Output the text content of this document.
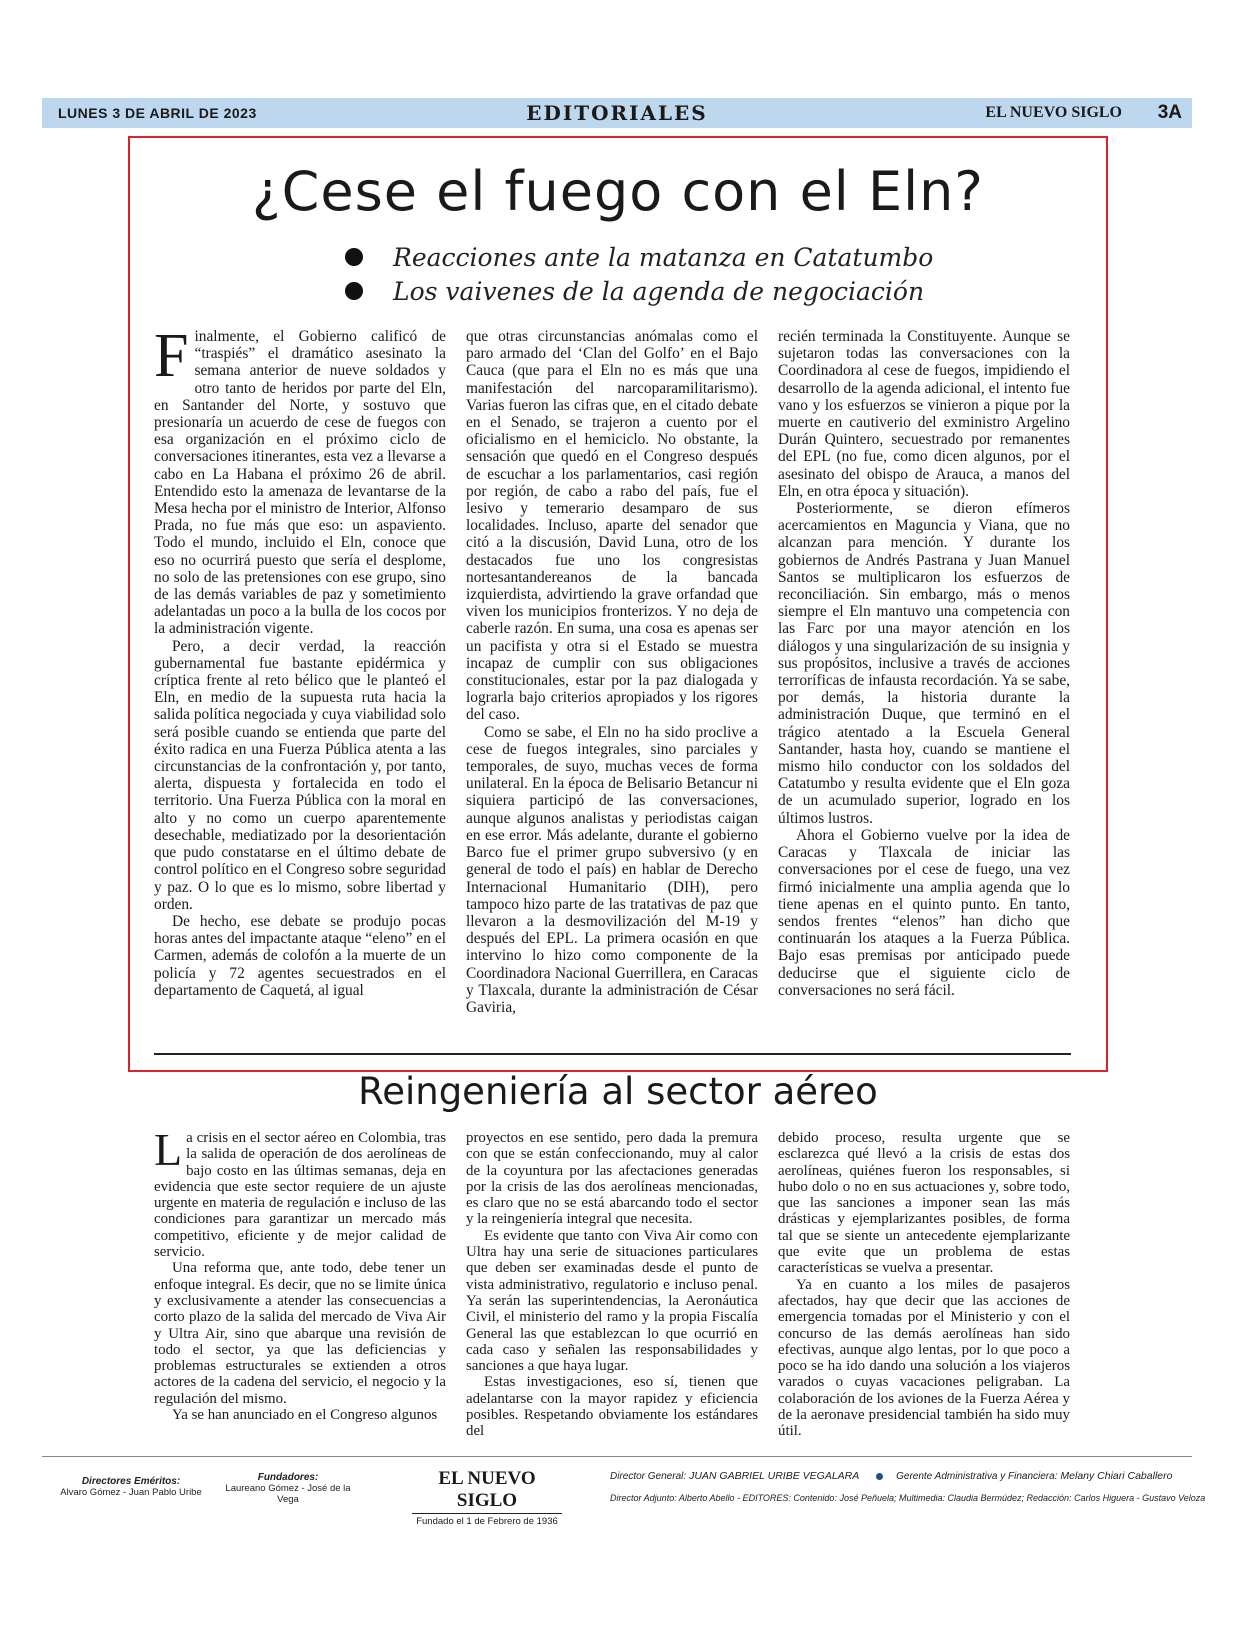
LUNES 3 DE ABRIL DE 2023	EDITORIALES	EL NUEVO SIGLO 3A
¿Cese el fuego con el Eln?
Reacciones ante la matanza en Catatumbo
Los vaivenes de la agenda de negociación

Finalmente, el Gobierno calificó de “traspiés” el dramático asesinato la semana anterior de nueve soldados y otro tanto de heridos por parte del Eln, en Santander del Norte, y sostuvo que presionaría un acuerdo de cese de fuegos con esa organización en el próximo ciclo de conversaciones itinerantes, esta vez a llevarse a cabo en La Habana el próximo 26 de abril. Entendido esto la amenaza de levantarse de la Mesa hecha por el ministro de Interior, Alfonso Prada, no fue más que eso: un aspaviento. Todo el mundo, incluido el Eln, conoce que eso no ocurrirá puesto que sería el desplome, no solo de las pretensiones con ese grupo, sino de las demás variables de paz y sometimiento adelantadas un poco a la bulla de los cocos por la administración vigente.

Pero, a decir verdad, la reacción gubernamental fue bastante epidérmica y críptica frente al reto bélico que le planteó el Eln, en medio de la supuesta ruta hacia la salida política negociada y cuya viabilidad solo será posible cuando se entienda que parte del éxito radica en una Fuerza Pública atenta a las circunstancias de la confrontación y, por tanto, alerta, dispuesta y fortalecida en todo el territorio. Una Fuerza Pública con la moral en alto y no como un cuerpo aparentemente desechable, mediatizado por la desorientación que pudo constatarse en el último debate de control político en el Congreso sobre seguridad y paz. O lo que es lo mismo, sobre libertad y orden.

De hecho, ese debate se produjo pocas horas antes del impactante ataque “eleno” en el Carmen, además de colofón a la muerte de un policía y 72 agentes secuestrados en el departamento de Caquetá, al igual

que otras circunstancias anómalas como el paro armado del ‘Clan del Golfo’ en el Bajo Cauca (que para el Eln no es más que una manifestación del narcoparamilitarismo). Varias fueron las cifras que, en el citado debate en el Senado, se trajeron a cuento por el oficialismo en el hemiciclo. No obstante, la sensación que quedó en el Congreso después de escuchar a los parlamentarios, casi región por región, de cabo a rabo del país, fue el lesivo y temerario desamparo de sus localidades. Incluso, aparte del senador que citó a la discusión, David Luna, otro de los destacados fue uno los congresistas nortesantandereanos de la bancada izquierdista, advirtiendo la grave orfandad que viven los municipios fronterizos. Y no deja de caberle razón. En suma, una cosa es apenas ser un pacifista y otra si el Estado se muestra incapaz de cumplir con sus obligaciones constitucionales, estar por la paz dialogada y lograrla bajo criterios apropiados y los rigores del caso.

Como se sabe, el Eln no ha sido proclive a cese de fuegos integrales, sino parciales y temporales, de suyo, muchas veces de forma unilateral. En la época de Belisario Betancur ni siquiera participó de las conversaciones, aunque algunos analistas y periodistas caigan en ese error. Más adelante, durante el gobierno Barco fue el primer grupo subversivo (y en general de todo el país) en hablar de Derecho Internacional Humanitario (DIH), pero tampoco hizo parte de las tratativas de paz que llevaron a la desmovilización del M-19 y después del EPL. La primera ocasión en que intervino lo hizo como componente de la Coordinadora Nacional Guerrillera, en Caracas y Tlaxcala, durante la administración de César Gaviria,

recién terminada la Constituyente. Aunque se sujetaron todas las conversaciones con la Coordinadora al cese de fuegos, impidiendo el desarrollo de la agenda adicional, el intento fue vano y los esfuerzos se vinieron a pique por la muerte en cautiverio del exministro Argelino Durán Quintero, secuestrado por remanentes del EPL (no fue, como dicen algunos, por el asesinato del obispo de Arauca, a manos del Eln, en otra época y situación).

Posteriormente, se dieron efímeros acercamientos en Maguncia y Viana, que no alcanzan para mención. Y durante los gobiernos de Andrés Pastrana y Juan Manuel Santos se multiplicaron los esfuerzos de reconciliación. Sin embargo, más o menos siempre el Eln mantuvo una competencia con las Farc por una mayor atención en los diálogos y una singularización de su insignia y sus propósitos, inclusive a través de acciones terroríficas de infausta recordación. Ya se sabe, por demás, la historia durante la administración Duque, que terminó en el trágico atentado a la Escuela General Santander, hasta hoy, cuando se mantiene el mismo hilo conductor con los soldados del Catatumbo y resulta evidente que el Eln goza de un acumulado superior, logrado en los últimos lustros.

Ahora el Gobierno vuelve por la idea de Caracas y Tlaxcala de iniciar las conversaciones por el cese de fuego, una vez firmó inicialmente una amplia agenda que lo tiene apenas en el quinto punto. En tanto, sendos frentes “elenos” han dicho que continuarán los ataques a la Fuerza Pública. Bajo esas premisas por anticipado puede deducirse que el siguiente ciclo de conversaciones no será fácil.

Reingeniería al sector aéreo

La crisis en el sector aéreo en Colombia, tras la salida de operación de dos aerolíneas de bajo costo en las últimas semanas, deja en evidencia que este sector requiere de un ajuste urgente en materia de regulación e incluso de las condiciones para garantizar un mercado más competitivo, eficiente y de mejor calidad de servicio.

Una reforma que, ante todo, debe tener un enfoque integral. Es decir, que no se limite única y exclusivamente a atender las consecuencias a corto plazo de la salida del mercado de Viva Air y Ultra Air, sino que abarque una revisión de todo el sector, ya que las deficiencias y problemas estructurales se extienden a otros actores de la cadena del servicio, el negocio y la regulación del mismo.

Ya se han anunciado en el Congreso algunos

proyectos en ese sentido, pero dada la premura con que se están confeccionando, muy al calor de la coyuntura por las afectaciones generadas por la crisis de las dos aerolíneas mencionadas, es claro que no se está abarcando todo el sector y la reingeniería integral que necesita.

Es evidente que tanto con Viva Air como con Ultra hay una serie de situaciones particulares que deben ser examinadas desde el punto de vista administrativo, regulatorio e incluso penal. Ya serán las superintendencias, la Aeronáutica Civil, el ministerio del ramo y la propia Fiscalía General las que establezcan lo que ocurrió en cada caso y señalen las responsabilidades y sanciones a que haya lugar.

Estas investigaciones, eso sí, tienen que adelantarse con la mayor rapidez y eficiencia posibles. Respetando obviamente los estándares del

debido proceso, resulta urgente que se esclarezca qué llevó a la crisis de estas dos aerolíneas, quiénes fueron los responsables, si hubo dolo o no en sus actuaciones y, sobre todo, que las sanciones a imponer sean las más drásticas y ejemplarizantes posibles, de forma tal que se siente un antecedente ejemplarizante que evite que un problema de estas características se vuelva a presentar.

Ya en cuanto a los miles de pasajeros afectados, hay que decir que las acciones de emergencia tomadas por el Ministerio y con el concurso de las demás aerolíneas han sido efectivas, aunque algo lentas, por lo que poco a poco se ha ido dando una solución a los viajeros varados o cuyas vacaciones peligraban. La colaboración de los aviones de la Fuerza Aérea y de la aeronave presidencial también ha sido muy útil.

Directores Eméritos:
Alvaro Gómez - Juan Pablo Uribe
Fundadores:
Laureano Gómez - José de la Vega
EL NUEVO SIGLO
Fundado el 1 de Febrero de 1936
Director General: JUAN GABRIEL URIBE VEGALARA	Gerente Administrativa y Financiera: Melany Chiari Caballero
Director Adjunto: Alberto Abello - EDITORES: Contenido: José Peñuela; Multimedia: Claudia Bermúdez; Redacción: Carlos Higuera - Gustavo Veloza
